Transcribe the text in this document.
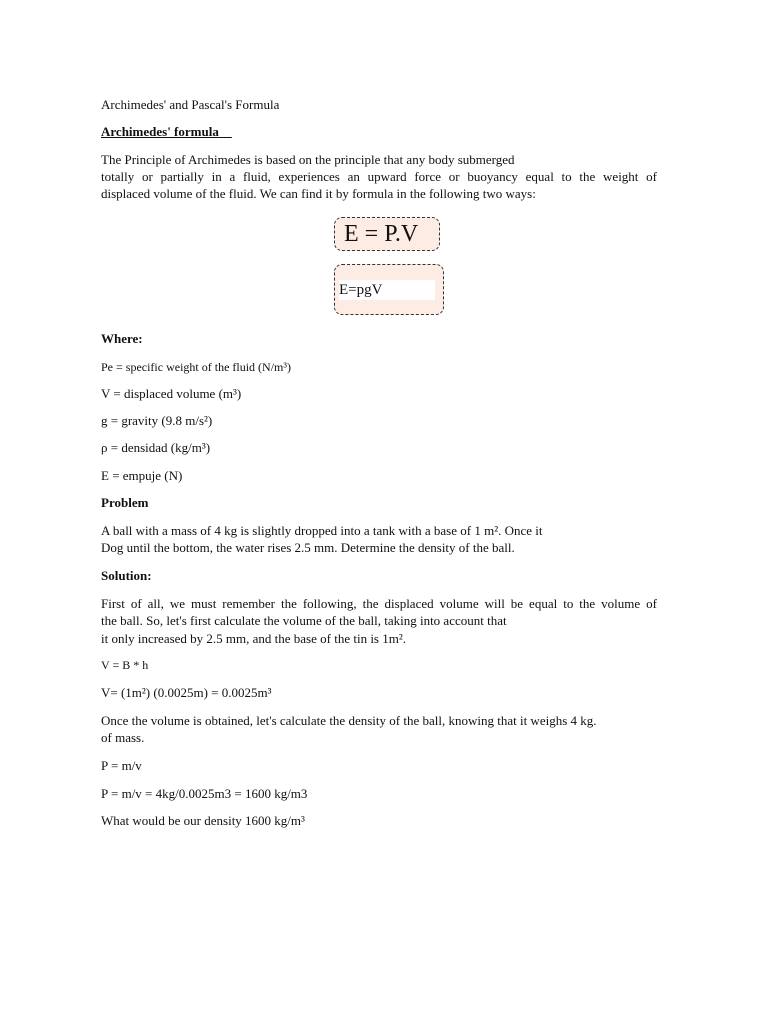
Archimedes' and Pascal's Formula
Archimedes' formula
The Principle of Archimedes is based on the principle that any body submerged
totally or partially in a fluid, experiences an upward force or buoyancy equal to the weight of
displaced volume of the fluid. We can find it by formula in the following two ways:
E = P.V
E=pgV
Where:
Pe = specific weight of the fluid (N/m³)
V = displaced volume (m³)
g = gravity (9.8 m/s²)
ρ = densidad (kg/m³)
E = empuje (N)
Problem
A ball with a mass of 4 kg is slightly dropped into a tank with a base of 1 m². Once it
Dog until the bottom, the water rises 2.5 mm. Determine the density of the ball.
Solution:
First of all, we must remember the following, the displaced volume will be equal to the volume of
the ball. So, let's first calculate the volume of the ball, taking into account that
it only increased by 2.5 mm, and the base of the tin is 1m².
V = B * h
V= (1m²) (0.0025m) = 0.0025m³
Once the volume is obtained, let's calculate the density of the ball, knowing that it weighs 4 kg.
of mass.
P = m/v
P = m/v = 4kg/0.0025m3 = 1600 kg/m3
What would be our density 1600 kg/m³
